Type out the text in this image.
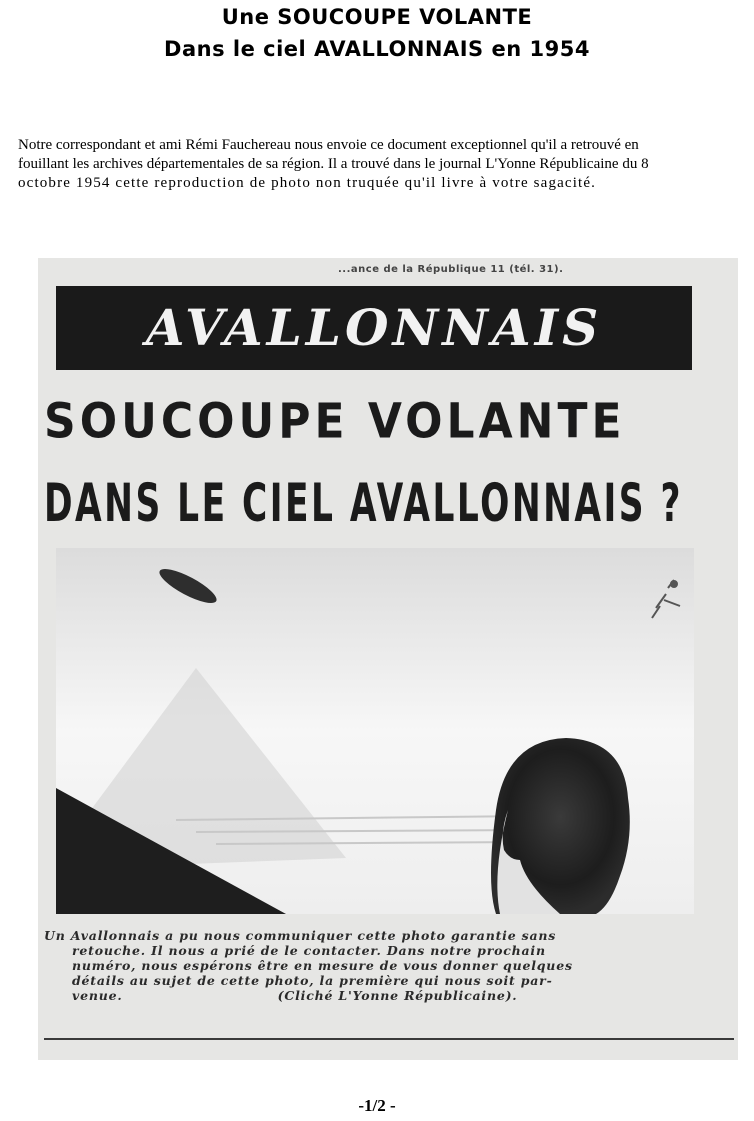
Une SOUCOUPE VOLANTE
Dans le ciel AVALLONNAIS en 1954
Notre correspondant et ami Rémi Fauchereau nous envoie ce document exceptionnel qu'il a retrouvé en
fouillant les archives départementales de sa région. Il a trouvé dans le journal L'Yonne Républicaine du 8
octobre 1954 cette reproduction de photo non truquée qu'il livre à votre sagacité.
...ance de la République 11 (tél. 31).
AVALLONNAIS
SOUCOUPE VOLANTE
DANS LE CIEL AVALLONNAIS ?
Un Avallonnais a pu nous communiquer cette photo garantie sans
retouche. Il nous a prié de le contacter. Dans notre prochain
numéro, nous espérons être en mesure de vous donner quelques
détails au sujet de cette photo, la première qui nous soit par-
venue.	(Cliché L'Yonne Républicaine).
-1/2 -
